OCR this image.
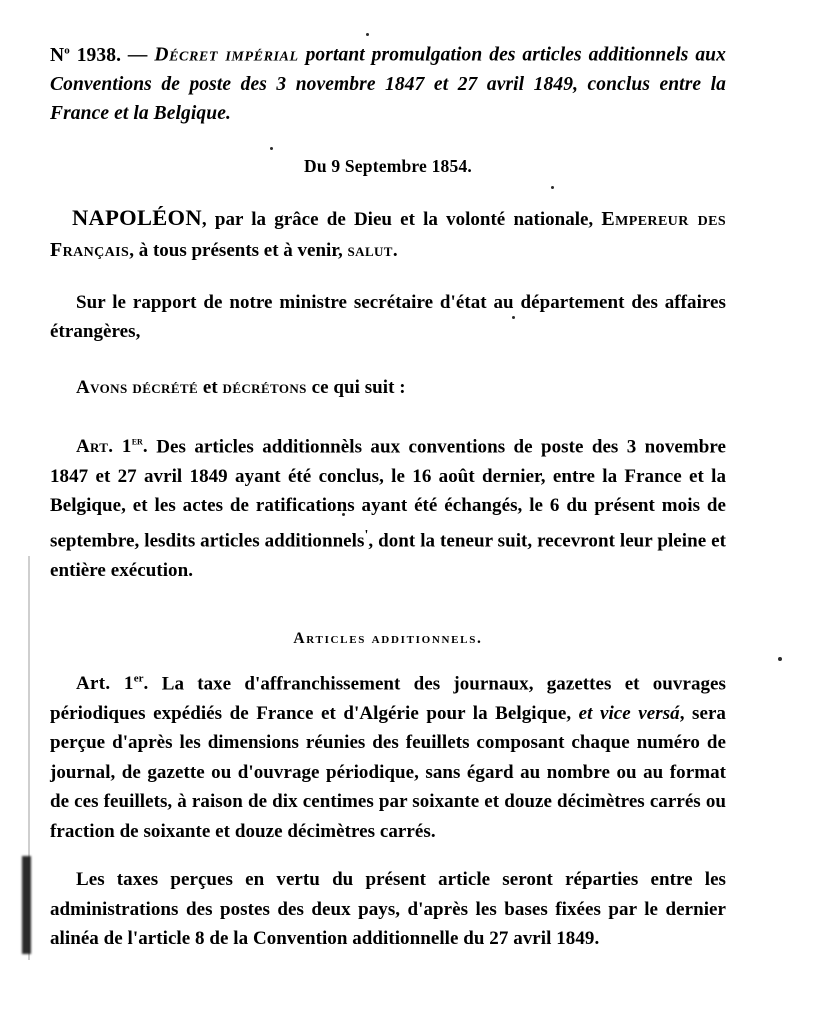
$N^o$ 1938. — Décret impérial portant promulgation des articles additionnels aux Conventions de poste des 3 novembre 1847 et 27 avril 1849, conclus entre la France et la Belgique.

Du 9 Septembre 1854.

NAPOLÉON, par la grâce de Dieu et la volonté nationale, Empereur des Français, à tous présents et à venir, salut.

Sur le rapport de notre ministre secrétaire d'état au département des affaires étrangères,

Avons décrété et décrétons ce qui suit :

Art. 1er. Des articles additionnèls aux conventions de poste des 3 novembre 1847 et 27 avril 1849 ayant été conclus, le 16 août dernier, entre la France et la Belgique, et les actes de ratifications ayant été échangés, le 6 du présent mois de septembre, lesdits articles additionnels', dont la teneur suit, recevront leur pleine et entière exécution.

Articles additionnels.

Art. 1er. La taxe d'affranchissement des journaux, gazettes et ouvrages périodiques expédiés de France et d'Algérie pour la Belgique, et vice versá, sera perçue d'après les dimensions réunies des feuillets composant chaque numéro de journal, de gazette ou d'ouvrage périodique, sans égard au nombre ou au format de ces feuillets, à raison de dix centimes par soixante et douze décimètres carrés ou fraction de soixante et douze décimètres carrés.

Les taxes perçues en vertu du présent article seront réparties entre les administrations des postes des deux pays, d'après les bases fixées par le dernier alinéa de l'article 8 de la Convention additionnelle du 27 avril 1849.
